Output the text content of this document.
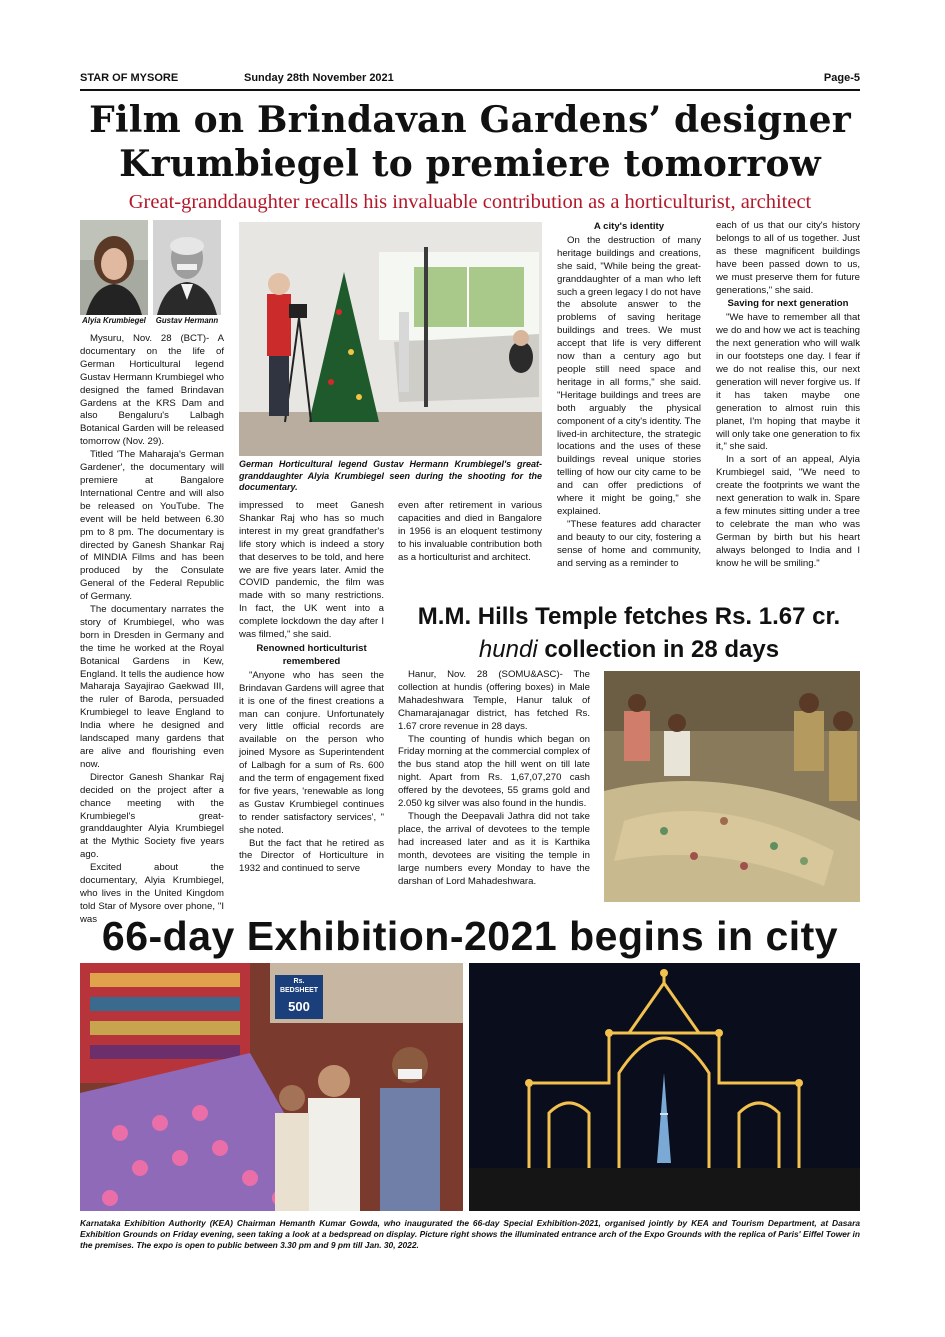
STAR OF MYSORE	Sunday 28th November 2021	Page-5
Film on Brindavan Gardens’ designer
Krumbiegel to premiere tomorrow
Great-granddaughter recalls his invaluable contribution as a horticulturist, architect
Alyia Krumbiegel	Gustav Hermann
German Horticultural legend Gustav Hermann Krumbiegel's great-granddaughter Alyia Krumbiegel seen during the shooting for the documentary.

Mysuru, Nov. 28 (BCT)- A documentary on the life of German Horticultural legend Gustav Hermann Krumbiegel who designed the famed Brindavan Gardens at the KRS Dam and also Bengaluru's Lalbagh Botanical Garden will be released tomorrow (Nov. 29).

Titled 'The Maharaja's German Gardener', the documentary will premiere at Bangalore International Centre and will also be released on YouTube. The event will be held between 6.30 pm to 8 pm. The documentary is directed by Ganesh Shankar Raj of MINDIA Films and has been produced by the Consulate General of the Federal Republic of Germany.

The documentary narrates the story of Krumbiegel, who was born in Dresden in Germany and the time he worked at the Royal Botanical Gardens in Kew, England. It tells the audience how Maharaja Sayajirao Gaekwad III, the ruler of Baroda, persuaded Krumbiegel to leave England to India where he designed and landscaped many gardens that are alive and flourishing even now.

Director Ganesh Shankar Raj decided on the project after a chance meeting with the Krumbiegel's great-granddaughter Alyia Krumbiegel at the Mythic Society five years ago.

Excited about the documentary, Alyia Krumbiegel, who lives in the United Kingdom told Star of Mysore over phone, "I was

impressed to meet Ganesh Shankar Raj who has so much interest in my great grandfather's life story which is indeed a story that deserves to be told, and here we are five years later. Amid the COVID pandemic, the film was made with so many restrictions. In fact, the UK went into a complete lockdown the day after I was filmed," she said.

Renowned horticulturist remembered

"Anyone who has seen the Brindavan Gardens will agree that it is one of the finest creations a man can conjure. Unfortunately very little official records are available on the person who joined Mysore as Superintendent of Lalbagh for a sum of Rs. 600 and the term of engagement fixed for five years, 'renewable as long as Gustav Krumbiegel continues to render satisfactory services', " she noted.

But the fact that he retired as the Director of Horticulture in 1932 and continued to serve

even after retirement in various capacities and died in Bangalore in 1956 is an eloquent testimony to his invaluable contribution both as a horticulturist and architect.

A city's identity

On the destruction of many heritage buildings and creations, she said, "While being the great-granddaughter of a man who left such a green legacy I do not have the absolute answer to the problems of saving heritage buildings and trees. We must accept that life is very different now than a century ago but people still need space and heritage in all forms," she said. "Heritage buildings and trees are both arguably the physical component of a city's identity. The lived-in architecture, the strategic locations and the uses of these buildings reveal unique stories telling of how our city came to be and can offer predictions of where it might be going," she explained.

"These features add character and beauty to our city, fostering a sense of home and community, and serving as a reminder to

each of us that our city's history belongs to all of us together. Just as these magnificent buildings have been passed down to us, we must preserve them for future generations," she said.

Saving for next generation

"We have to remember all that we do and how we act is teaching the next generation who will walk in our footsteps one day. I fear if we do not realise this, our next generation will never forgive us. If it has taken maybe one generation to almost ruin this planet, I'm hoping that maybe it will only take one generation to fix it," she said.

In a sort of an appeal, Alyia Krumbiegel said, "We need to create the footprints we want the next generation to walk in. Spare a few minutes sitting under a tree to celebrate the man who was German by birth but his heart always belonged to India and I know he will be smiling."

M.M. Hills Temple fetches Rs. 1.67 cr.
hundi collection in 28 days

Hanur, Nov. 28 (SOMU&ASC)- The collection at hundis (offering boxes) in Male Mahadeshwara Temple, Hanur taluk of Chamarajanagar district, has fetched Rs. 1.67 crore revenue in 28 days.

The counting of hundis which began on Friday morning at the commercial complex of the bus stand atop the hill went on till late night. Apart from Rs. 1,67,07,270 cash offered by the devotees, 55 grams gold and 2.050 kg silver was also found in the hundis.

Though the Deepavali Jathra did not take place, the arrival of devotees to the temple had increased later and as it is Karthika month, devotees are visiting the temple in large numbers every Monday to have the darshan of Lord Mahadeshwara.

66-day Exhibition-2021 begins in city
Rs. BEDSHEET
500
Karnataka Exhibition Authority (KEA) Chairman Hemanth Kumar Gowda, who inaugurated the 66-day Special Exhibition-2021, organised jointly by KEA and Tourism Department, at Dasara Exhibition Grounds on Friday evening, seen taking a look at a bedspread on display. Picture right shows the illuminated entrance arch of the Expo Grounds with the replica of Paris' Eiffel Tower in the premises. The expo is open to public between 3.30 pm and 9 pm till Jan. 30, 2022.
